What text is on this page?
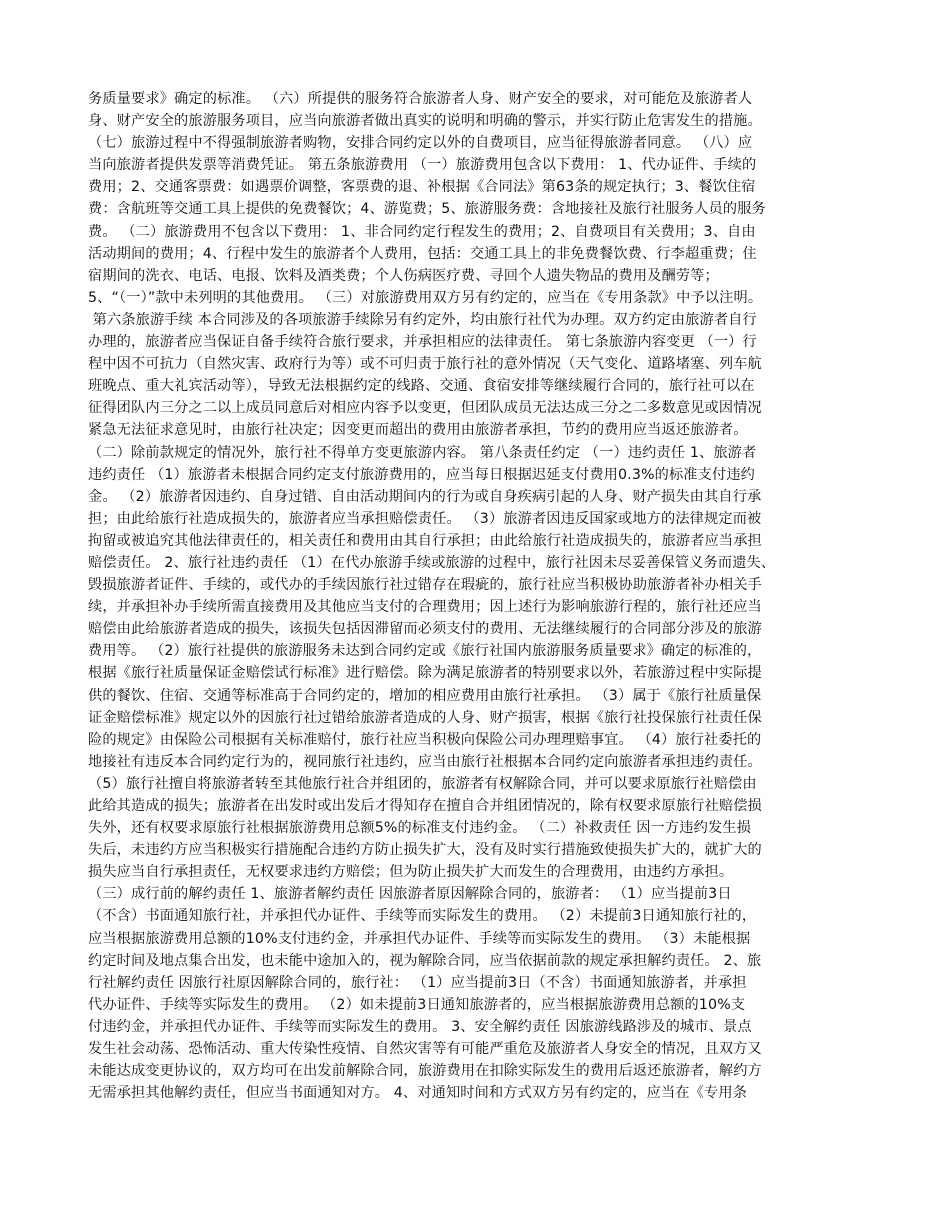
务质量要求》确定的标准。 （六）所提供的服务符合旅游者人身、财产安全的要求，对可能危及旅游者人
身、财产安全的旅游服务项目，应当向旅游者做出真实的说明和明确的警示，并实行防止危害发生的措施。
（七）旅游过程中不得强制旅游者购物，安排合同约定以外的自费项目，应当征得旅游者同意。 （八）应
当向旅游者提供发票等消费凭证。 第五条旅游费用 （一）旅游费用包含以下费用： 1、代办证件、手续的
费用；2、交通客票费：如遇票价调整，客票费的退、补根据《合同法》第63条的规定执行；3、餐饮住宿
费：含航班等交通工具上提供的免费餐饮；4、游览费；5、旅游服务费：含地接社及旅行社服务人员的服务
费。 （二）旅游费用不包含以下费用： 1、非合同约定行程发生的费用；2、自费项目有关费用；3、自由
活动期间的费用；4、行程中发生的旅游者个人费用，包括：交通工具上的非免费餐饮费、行李超重费；住
宿期间的洗衣、电话、电报、饮料及酒类费；个人伤病医疗费、寻回个人遗失物品的费用及酬劳等；
5、“（一）”款中未列明的其他费用。 （三）对旅游费用双方另有约定的，应当在《专用条款》中予以注明。
第六条旅游手续 本合同涉及的各项旅游手续除另有约定外，均由旅行社代为办理。双方约定由旅游者自行
办理的，旅游者应当保证自备手续符合旅行要求，并承担相应的法律责任。 第七条旅游内容变更 （一）行
程中因不可抗力（自然灾害、政府行为等）或不可归责于旅行社的意外情况（天气变化、道路堵塞、列车航
班晚点、重大礼宾活动等），导致无法根据约定的线路、交通、食宿安排等继续履行合同的，旅行社可以在
征得团队内三分之二以上成员同意后对相应内容予以变更，但团队成员无法达成三分之二多数意见或因情况
紧急无法征求意见时，由旅行社决定；因变更而超出的费用由旅游者承担，节约的费用应当返还旅游者。
（二）除前款规定的情况外，旅行社不得单方变更旅游内容。 第八条责任约定 （一）违约责任 1、旅游者
违约责任 （1）旅游者未根据合同约定支付旅游费用的，应当每日根据迟延支付费用0.3%的标准支付违约
金。 （2）旅游者因违约、自身过错、自由活动期间内的行为或自身疾病引起的人身、财产损失由其自行承
担；由此给旅行社造成损失的，旅游者应当承担赔偿责任。 （3）旅游者因违反国家或地方的法律规定而被
拘留或被追究其他法律责任的，相关责任和费用由其自行承担；由此给旅行社造成损失的，旅游者应当承担
赔偿责任。 2、旅行社违约责任 （1）在代办旅游手续或旅游的过程中，旅行社因未尽妥善保管义务而遗失、
毁损旅游者证件、手续的，或代办的手续因旅行社过错存在瑕疵的，旅行社应当积极协助旅游者补办相关手
续，并承担补办手续所需直接费用及其他应当支付的合理费用；因上述行为影响旅游行程的，旅行社还应当
赔偿由此给旅游者造成的损失，该损失包括因滞留而必须支付的费用、无法继续履行的合同部分涉及的旅游
费用等。 （2）旅行社提供的旅游服务未达到合同约定或《旅行社国内旅游服务质量要求》确定的标准的，
根据《旅行社质量保证金赔偿试行标准》进行赔偿。除为满足旅游者的特别要求以外，若旅游过程中实际提
供的餐饮、住宿、交通等标准高于合同约定的，增加的相应费用由旅行社承担。 （3）属于《旅行社质量保
证金赔偿标准》规定以外的因旅行社过错给旅游者造成的人身、财产损害，根据《旅行社投保旅行社责任保
险的规定》由保险公司根据有关标准赔付，旅行社应当积极向保险公司办理理赔事宜。 （4）旅行社委托的
地接社有违反本合同约定行为的，视同旅行社违约，应当由旅行社根据本合同约定向旅游者承担违约责任。
（5）旅行社擅自将旅游者转至其他旅行社合并组团的，旅游者有权解除合同，并可以要求原旅行社赔偿由
此给其造成的损失；旅游者在出发时或出发后才得知存在擅自合并组团情况的，除有权要求原旅行社赔偿损
失外，还有权要求原旅行社根据旅游费用总额5%的标准支付违约金。 （二）补救责任 因一方违约发生损
失后，未违约方应当积极实行措施配合违约方防止损失扩大，没有及时实行措施致使损失扩大的，就扩大的
损失应当自行承担责任，无权要求违约方赔偿；但为防止损失扩大而发生的合理费用，由违约方承担。
（三）成行前的解约责任 1、旅游者解约责任 因旅游者原因解除合同的，旅游者： （1）应当提前3日
（不含）书面通知旅行社，并承担代办证件、手续等而实际发生的费用。 （2）未提前3日通知旅行社的，
应当根据旅游费用总额的10%支付违约金，并承担代办证件、手续等而实际发生的费用。 （3）未能根据
约定时间及地点集合出发，也未能中途加入的，视为解除合同，应当依据前款的规定承担解约责任。 2、旅
行社解约责任 因旅行社原因解除合同的，旅行社： （1）应当提前3日（不含）书面通知旅游者，并承担
代办证件、手续等实际发生的费用。 （2）如未提前3日通知旅游者的，应当根据旅游费用总额的10%支
付违约金，并承担代办证件、手续等而实际发生的费用。 3、安全解约责任 因旅游线路涉及的城市、景点
发生社会动荡、恐怖活动、重大传染性疫情、自然灾害等有可能严重危及旅游者人身安全的情况，且双方又
未能达成变更协议的，双方均可在出发前解除合同，旅游费用在扣除实际发生的费用后返还旅游者，解约方
无需承担其他解约责任，但应当书面通知对方。 4、对通知时间和方式双方另有约定的，应当在《专用条
